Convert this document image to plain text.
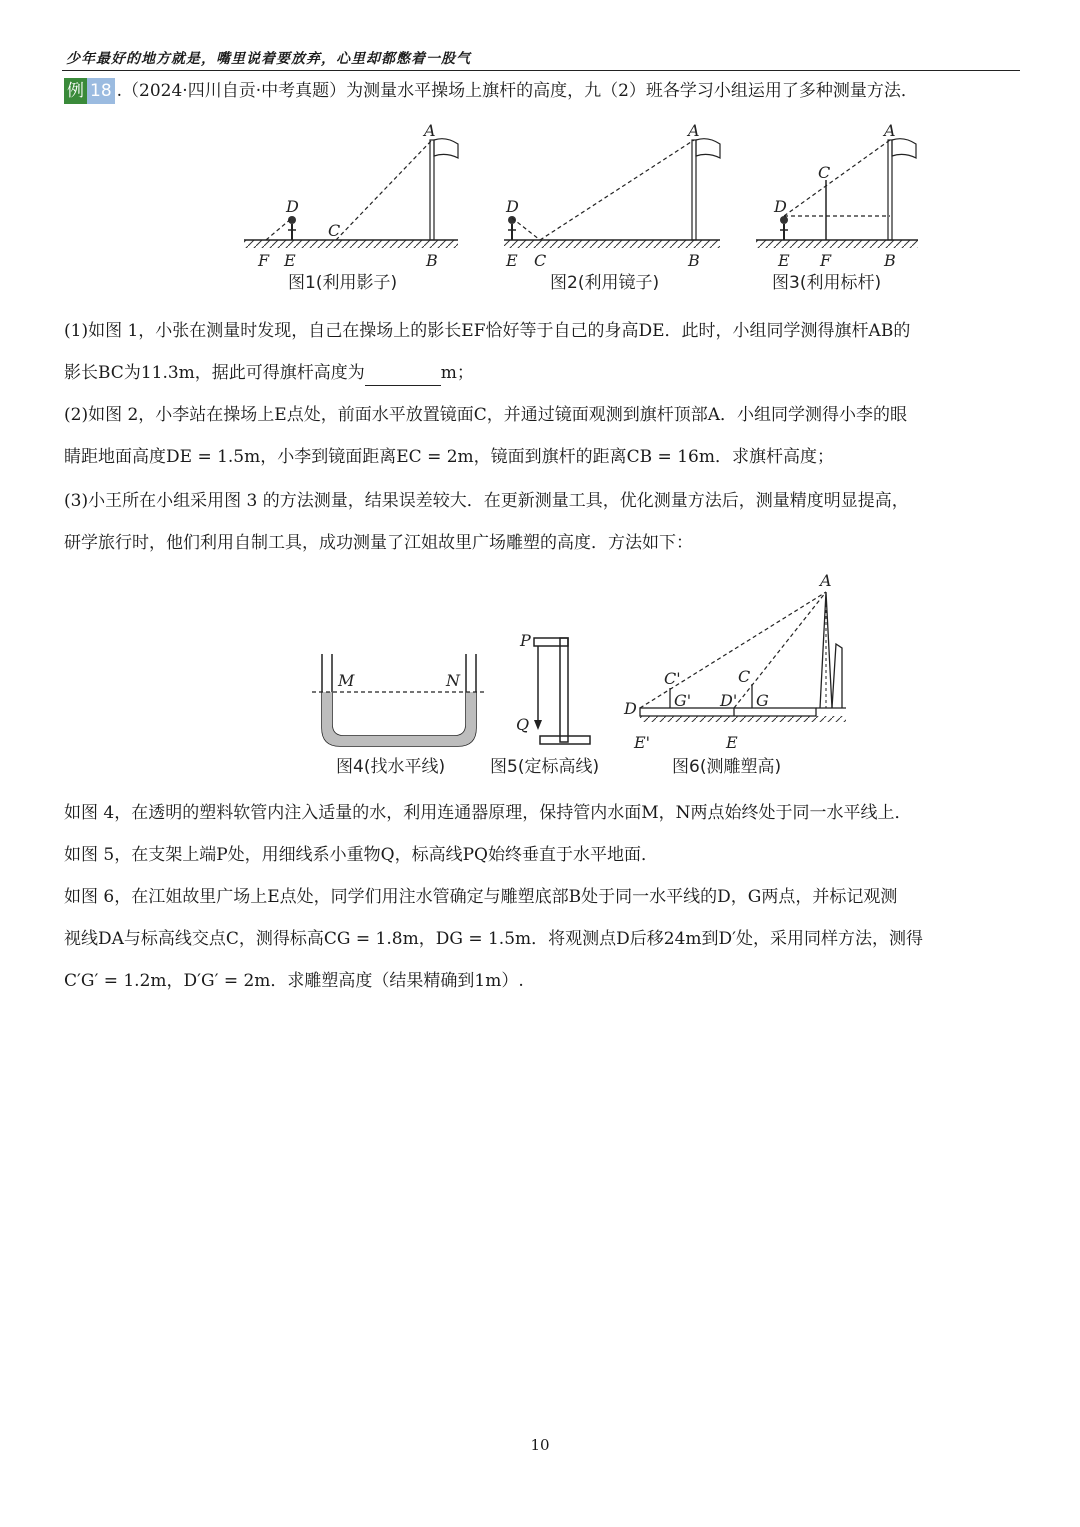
少年最好的地方就是，嘴里说着要放弃，心里却都憋着一股气
例 18 .（2024·四川自贡·中考真题）为测量水平操场上旗杆的高度，九（2）班各学习小组运用了多种测量方法．
A
D
C
F E	B
图1(利用影子)
A
D
E C	B
图2(利用镜子)
A
C
D
E F	B
图3(利用标杆)
(1)如图 1，小张在测量时发现，自己在操场上的影长EF恰好等于自己的身高DE．此时，小组同学测得旗杆AB的
影长BC为11.3m，据此可得旗杆高度为	m；
(2)如图 2，小李站在操场上E点处，前面水平放置镜面C，并通过镜面观测到旗杆顶部A．小组同学测得小李的眼
睛距地面高度DE = 1.5m，小李到镜面距离EC = 2m，镜面到旗杆的距离CB = 16m．求旗杆高度；
(3)小王所在小组采用图 3 的方法测量，结果误差较大．在更新测量工具，优化测量方法后，测量精度明显提高，
研学旅行时，他们利用自制工具，成功测量了江姐故里广场雕塑的高度．方法如下：
M	N
图4(找水平线)
P
Q
图5(定标高线)
A
C'	C
D G' D' G
E'	E
图6(测雕塑高)
如图 4，在透明的塑料软管内注入适量的水，利用连通器原理，保持管内水面M，N两点始终处于同一水平线上．
如图 5，在支架上端P处，用细线系小重物Q，标高线PQ始终垂直于水平地面．
如图 6，在江姐故里广场上E点处，同学们用注水管确定与雕塑底部B处于同一水平线的D，G两点，并标记观测
视线DA与标高线交点C，测得标高CG = 1.8m，DG = 1.5m．将观测点D后移24m到D′处，采用同样方法，测得
C′G′ = 1.2m，D′G′ = 2m．求雕塑高度（结果精确到1m）.
10
